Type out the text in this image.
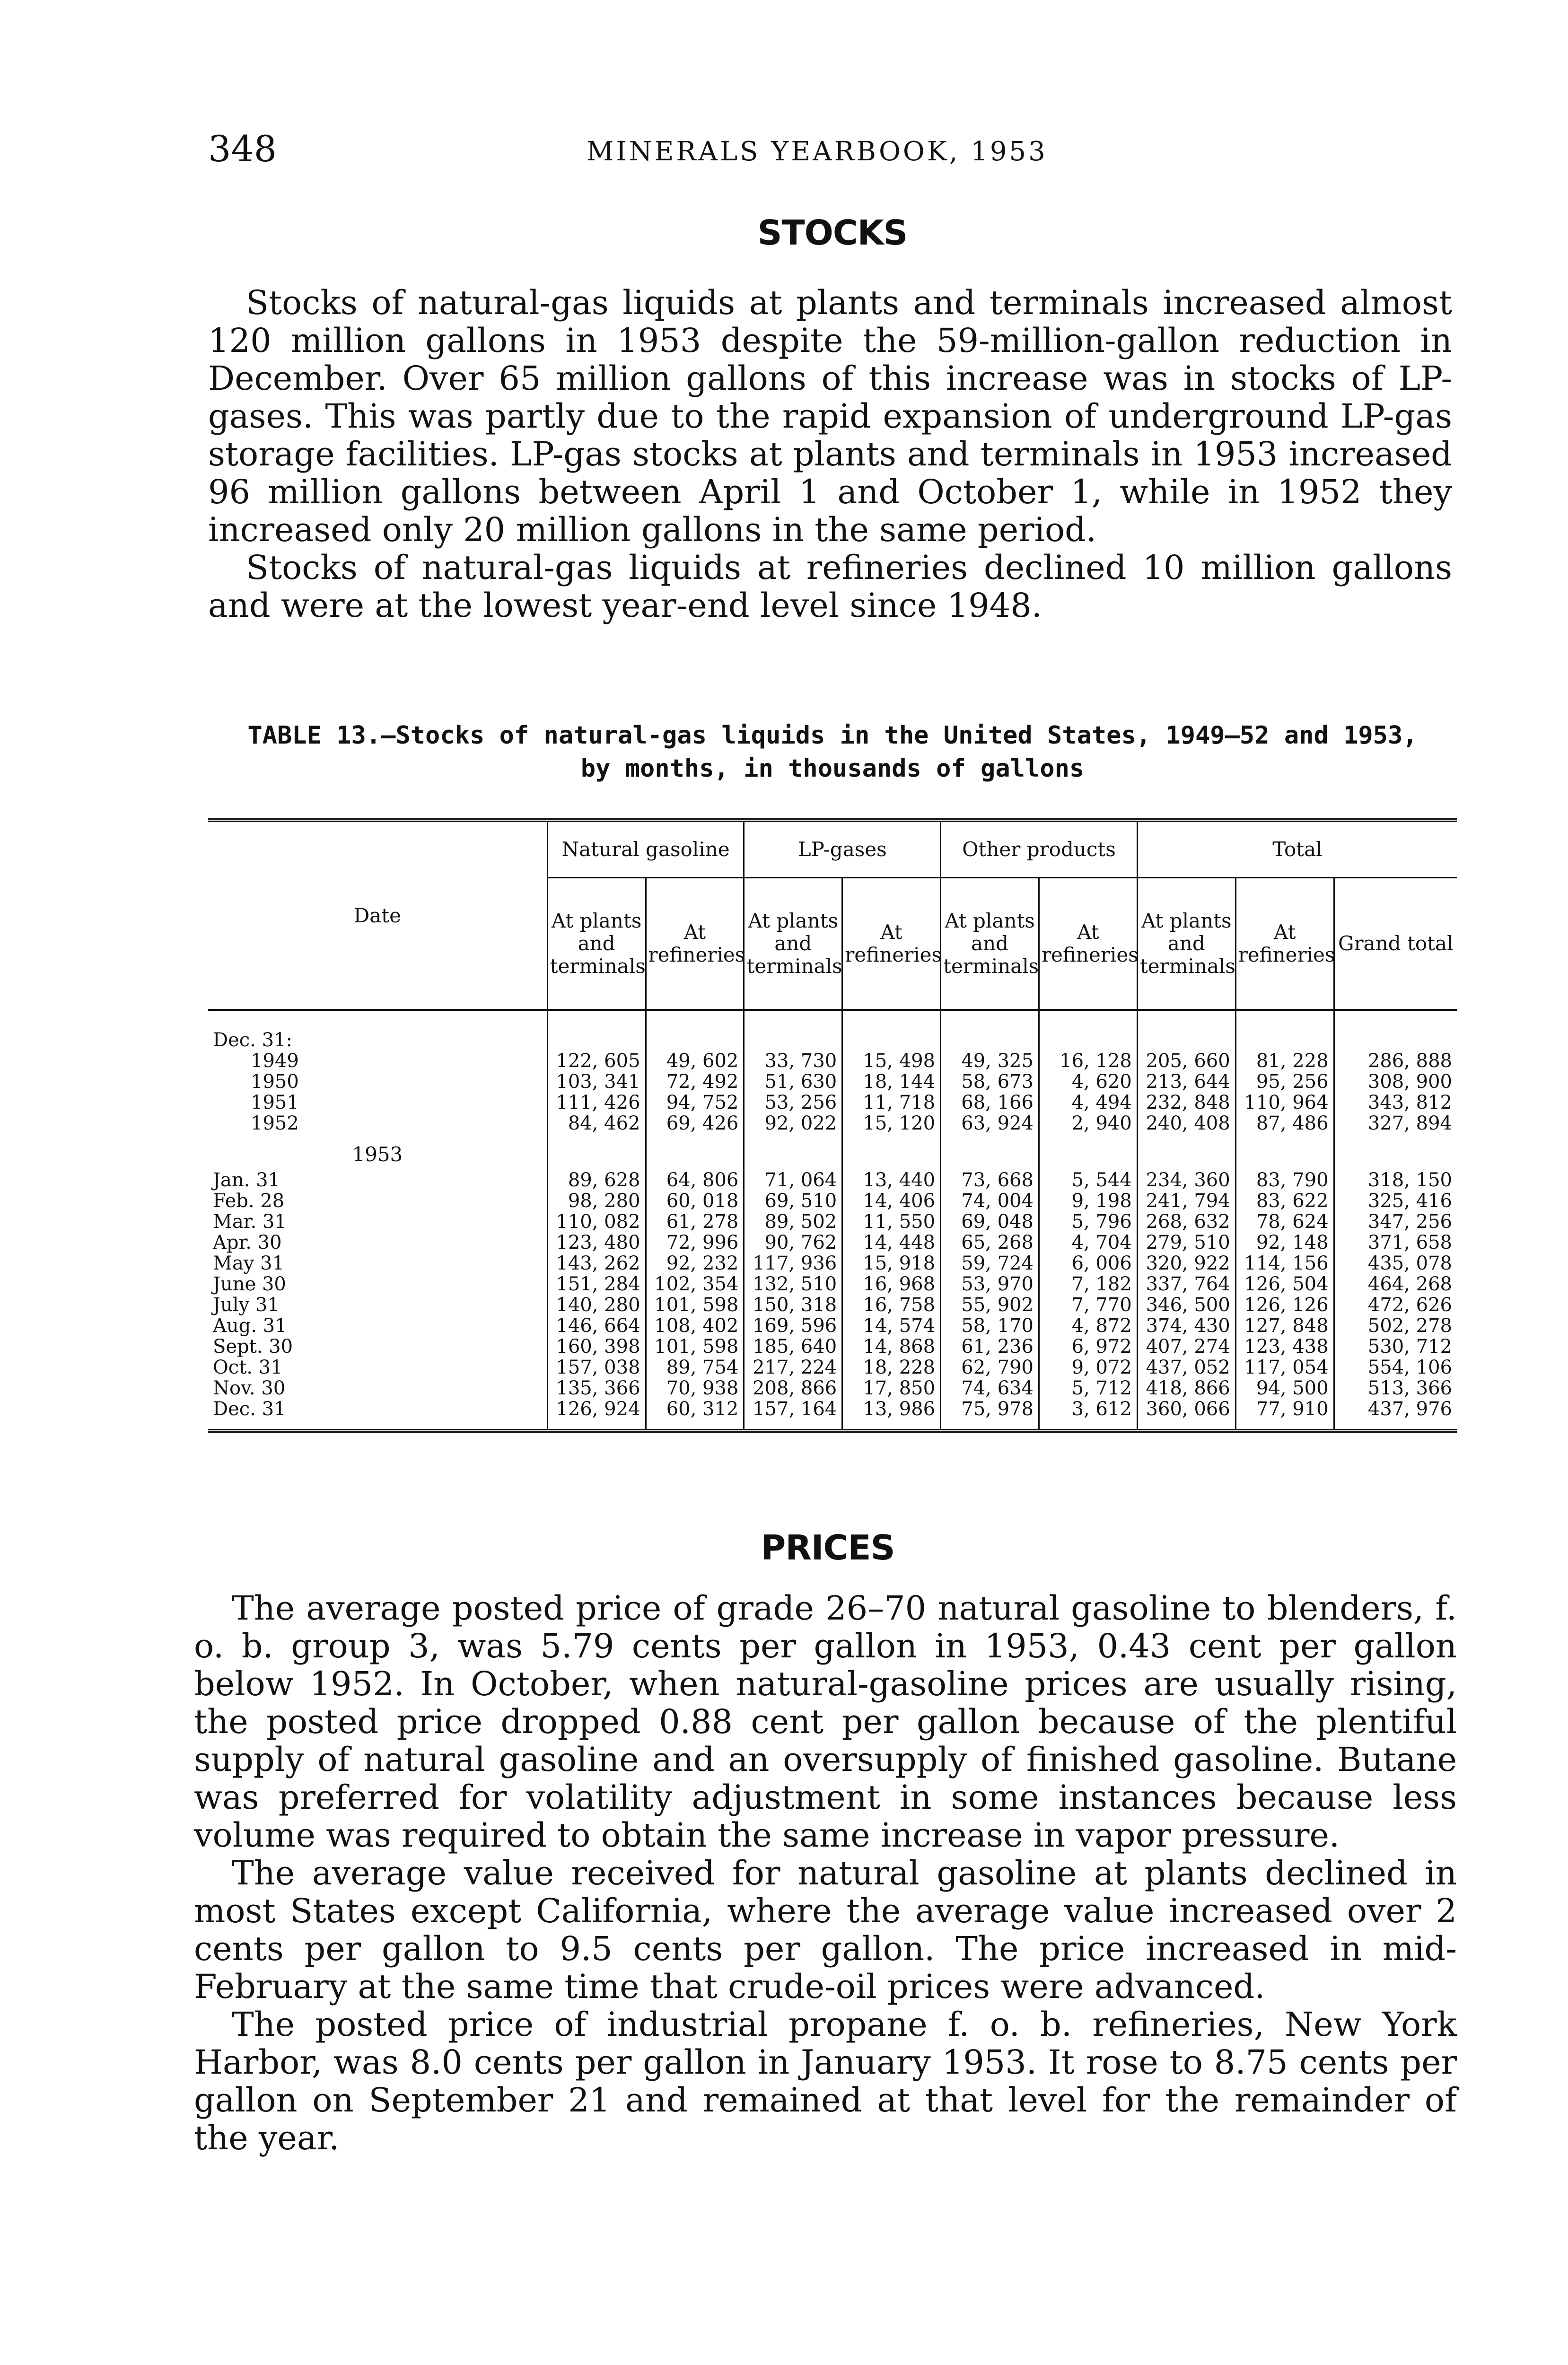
348	MINERALS YEARBOOK, 1953
STOCKS

Stocks of natural-gas liquids at plants and terminals increased almost 120 million gallons in 1953 despite the 59-million-gallon reduction in December. Over 65 million gallons of this increase was in stocks of LP-gases. This was partly due to the rapid expansion of underground LP-gas storage facilities. LP-gas stocks at plants and terminals in 1953 increased 96 million gallons between April 1 and October 1, while in 1952 they increased only 20 million gallons in the same period.

Stocks of natural-gas liquids at refineries declined 10 million gallons and were at the lowest year-end level since 1948.

TABLE 13.—Stocks of natural-gas liquids in the United States, 1949–52 and 1953,
by months, in thousands of gallons
Date	Natural gasoline		LP-gases		Other products		Total		
	At plants and terminals	At refineries	At plants and terminals	At refineries	At plants and terminals	At refineries	At plants and terminals	At refineries	Grand total

Dec. 31:									
1949	122, 605	49, 602	33, 730	15, 498	49, 325	16, 128	205, 660	81, 228	286, 888
1950	103, 341	72, 492	51, 630	18, 144	58, 673	4, 620	213, 644	95, 256	308, 900
1951	111, 426	94, 752	53, 256	11, 718	68, 166	4, 494	232, 848	110, 964	343, 812
1952	84, 462	69, 426	92, 022	15, 120	63, 924	2, 940	240, 408	87, 486	327, 894
1953									
Jan. 31	89, 628	64, 806	71, 064	13, 440	73, 668	5, 544	234, 360	83, 790	318, 150
Feb. 28	98, 280	60, 018	69, 510	14, 406	74, 004	9, 198	241, 794	83, 622	325, 416
Mar. 31	110, 082	61, 278	89, 502	11, 550	69, 048	5, 796	268, 632	78, 624	347, 256
Apr. 30	123, 480	72, 996	90, 762	14, 448	65, 268	4, 704	279, 510	92, 148	371, 658
May 31	143, 262	92, 232	117, 936	15, 918	59, 724	6, 006	320, 922	114, 156	435, 078
June 30	151, 284	102, 354	132, 510	16, 968	53, 970	7, 182	337, 764	126, 504	464, 268
July 31	140, 280	101, 598	150, 318	16, 758	55, 902	7, 770	346, 500	126, 126	472, 626
Aug. 31	146, 664	108, 402	169, 596	14, 574	58, 170	4, 872	374, 430	127, 848	502, 278
Sept. 30	160, 398	101, 598	185, 640	14, 868	61, 236	6, 972	407, 274	123, 438	530, 712
Oct. 31	157, 038	89, 754	217, 224	18, 228	62, 790	9, 072	437, 052	117, 054	554, 106
Nov. 30	135, 366	70, 938	208, 866	17, 850	74, 634	5, 712	418, 866	94, 500	513, 366
Dec. 31	126, 924	60, 312	157, 164	13, 986	75, 978	3, 612	360, 066	77, 910	437, 976

PRICES

The average posted price of grade 26–70 natural gasoline to blenders, f. o. b. group 3, was 5.79 cents per gallon in 1953, 0.43 cent per gallon below 1952. In October, when natural-gasoline prices are usually rising, the posted price dropped 0.88 cent per gallon because of the plentiful supply of natural gasoline and an oversupply of finished gasoline. Butane was preferred for volatility adjustment in some instances because less volume was required to obtain the same increase in vapor pressure.

The average value received for natural gasoline at plants declined in most States except California, where the average value increased over 2 cents per gallon to 9.5 cents per gallon. The price increased in mid-February at the same time that crude-oil prices were advanced.

The posted price of industrial propane f. o. b. refineries, New York Harbor, was 8.0 cents per gallon in January 1953. It rose to 8.75 cents per gallon on September 21 and remained at that level for the remainder of the year.
